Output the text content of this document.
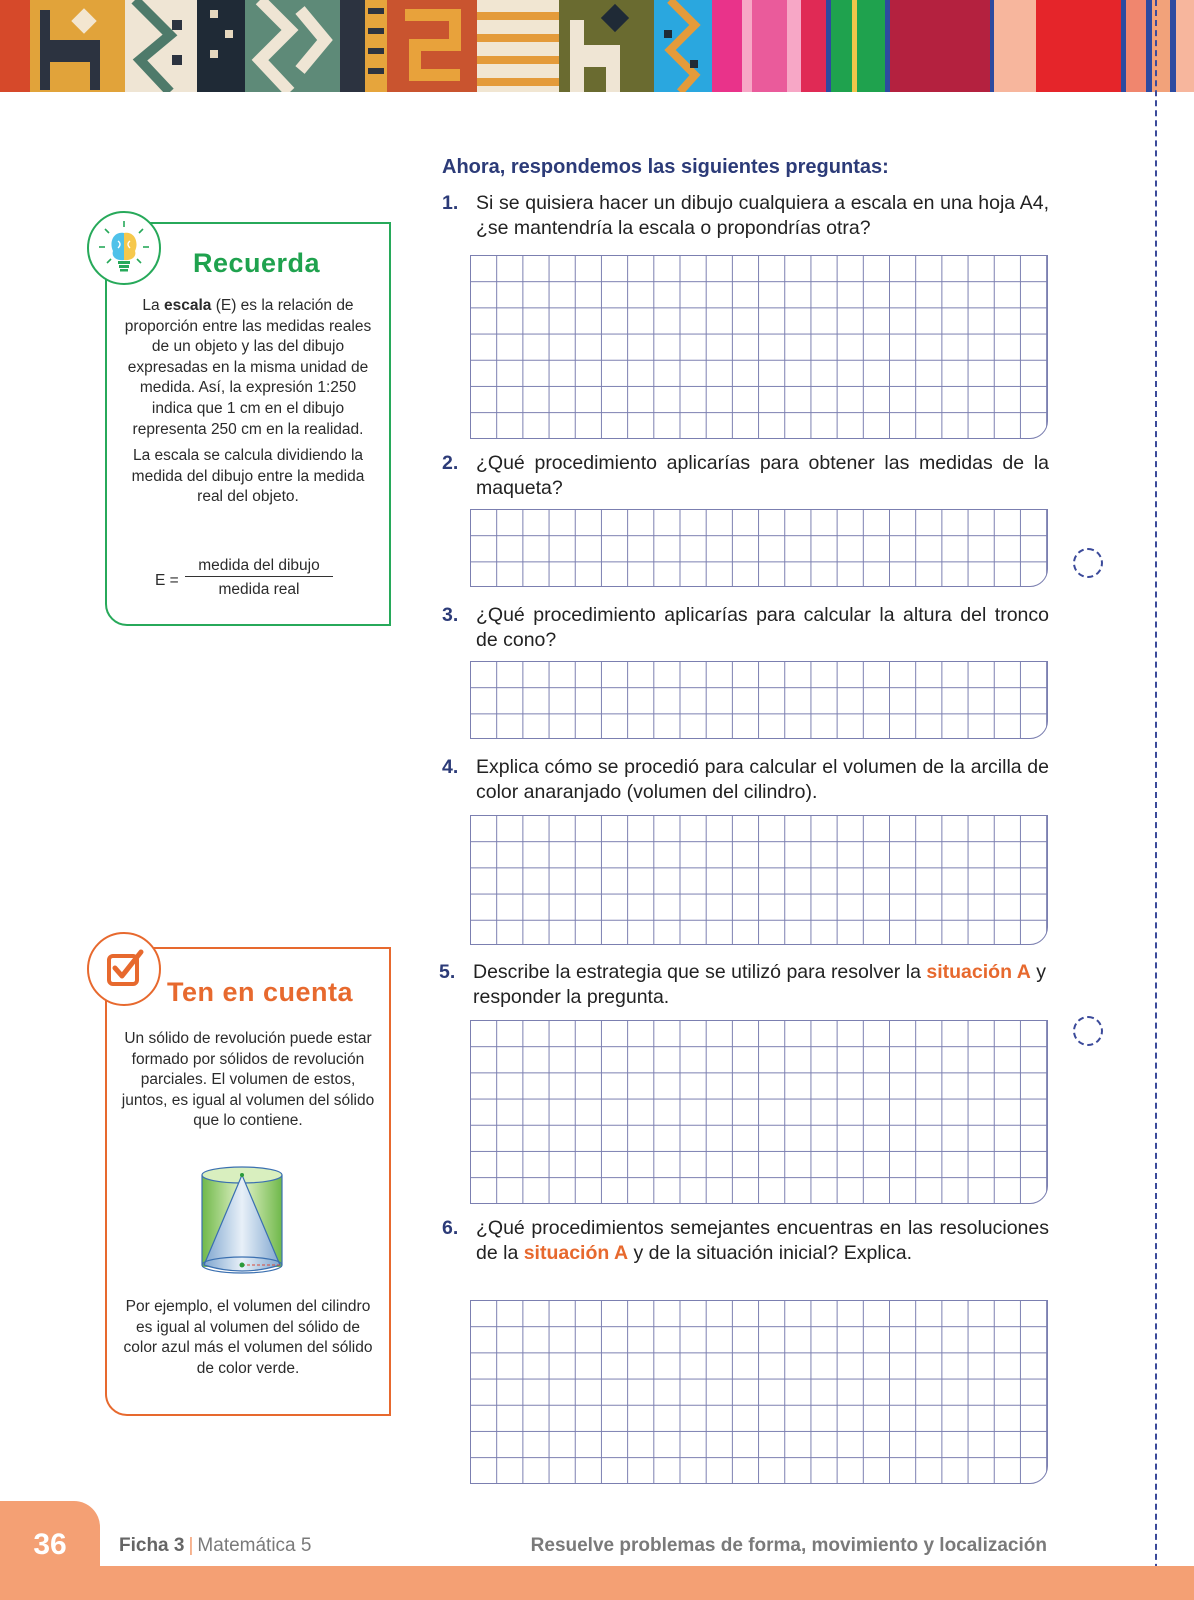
Recuerda

La escala (E) es la relación de proporción entre las medidas reales de un objeto y las del dibujo expresadas en la misma unidad de medida. Así, la expresión 1:250 indica que 1 cm en el dibujo representa 250 cm en la realidad.

La escala se calcula dividiendo la medida del dibujo entre la medida real del objeto.

E =
medida del dibujo
medida real
Ten en cuenta
Un sólido de revolución puede estar formado por sólidos de revolución parciales. El volumen de estos, juntos, es igual al volumen del sólido que lo contiene.
Por ejemplo, el volumen del cilindro es igual al volumen del sólido de color azul más el volumen del sólido de color verde.
Ahora, respondemos las siguientes preguntas:
1. Si se quisiera hacer un dibujo cualquiera a escala en una hoja A4, ¿se mantendría la escala o propondrías otra?
2. ¿Qué procedimiento aplicarías para obtener las medidas de la maqueta?
3. ¿Qué procedimiento aplicarías para calcular la altura del tronco de cono?
4. Explica cómo se procedió para calcular el volumen de la arcilla de color anaranjado (volumen del cilindro).
5. Describe la estrategia que se utilizó para resolver la situación A y responder la pregunta.
6. ¿Qué procedimientos semejantes encuentras en las resoluciones de la situación A y de la situación inicial? Explica.
36	Ficha 3 | Matemática 5	Resuelve problemas de forma, movimiento y localización
